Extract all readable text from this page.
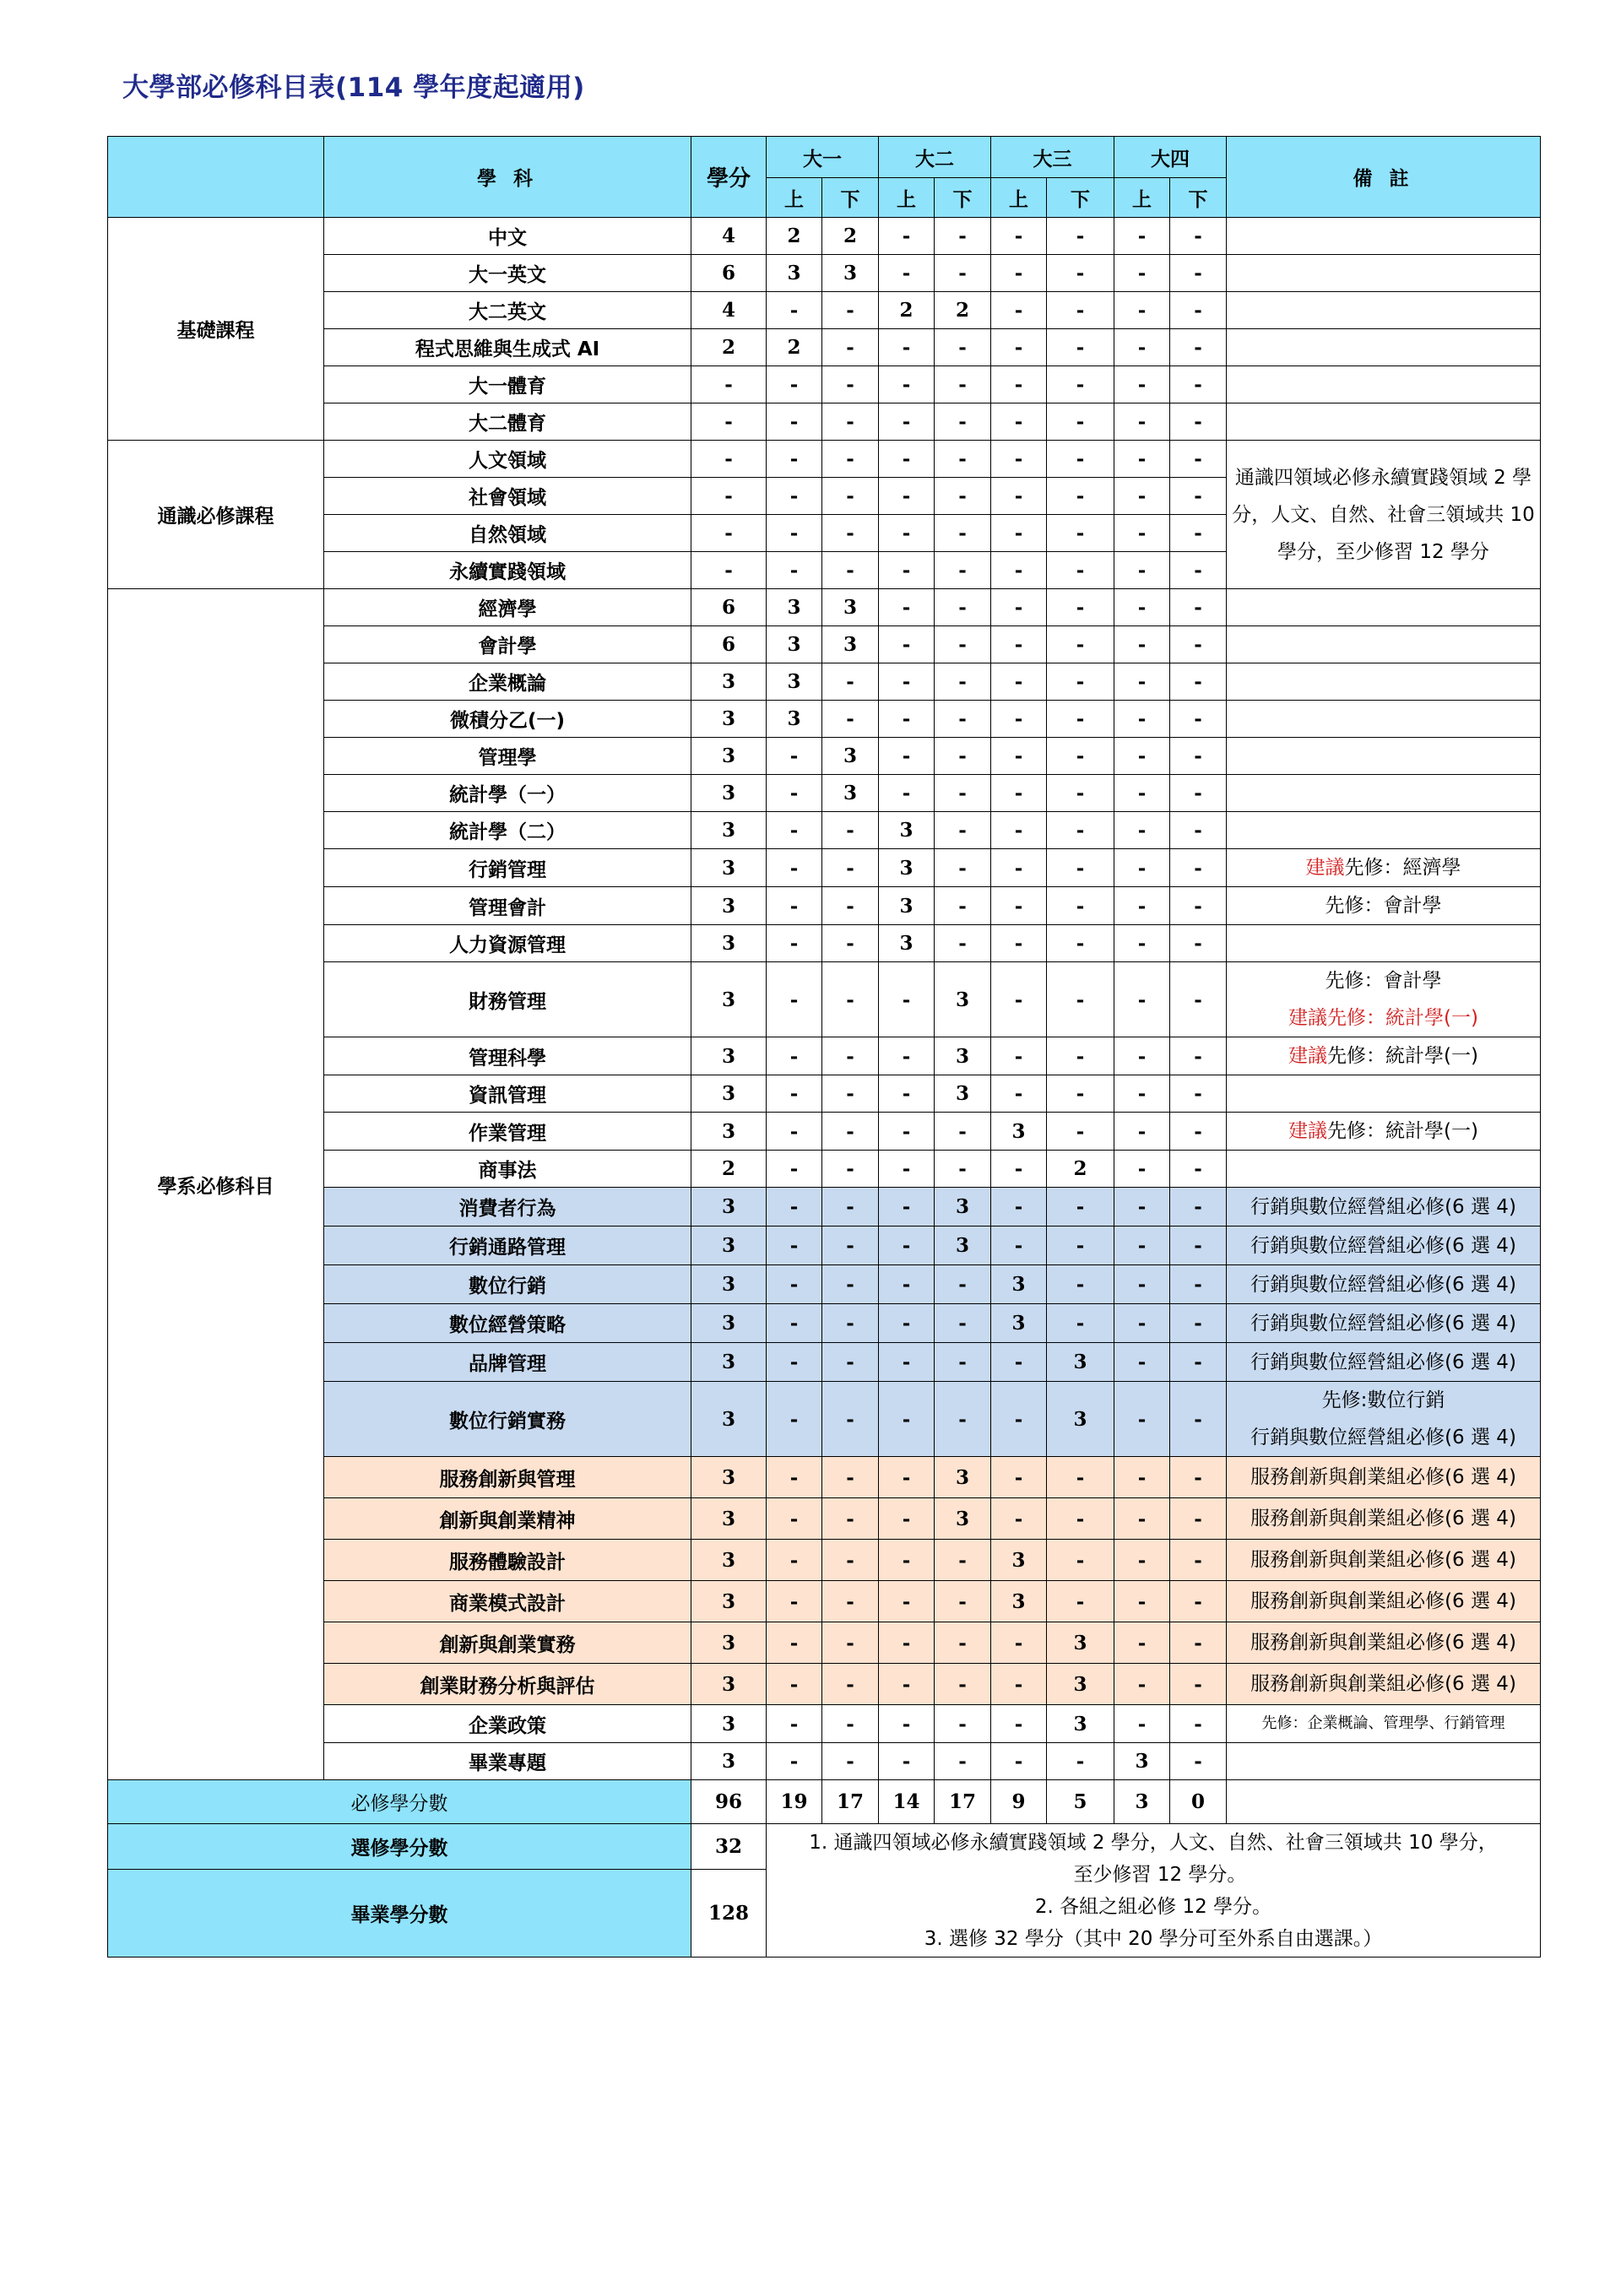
大學部必修科目表(114 學年度起適用)
	學 科	學分	大一		大二		大三		大四		備 註
			上	下	上	下	上	下	上	下	
基礎課程	中文	4	2	2	-	-	-	-	-	-	
	大一英文	6	3	3	-	-	-	-	-	-	
	大二英文	4	-	-	2	2	-	-	-	-	
	程式思維與生成式 AI	2	2	-	-	-	-	-	-	-	
	大一體育	-	-	-	-	-	-	-	-	-	
	大二體育	-	-	-	-	-	-	-	-	-	
通識必修課程	人文領域	-	-	-	-	-	-	-	-	-	通識四領域必修永續實踐領域 2 學分，人文、自然、社會三領域共 10 學分，至少修習 12 學分
	社會領域	-	-	-	-	-	-	-	-	-	
	自然領域	-	-	-	-	-	-	-	-	-	
	永續實踐領域	-	-	-	-	-	-	-	-	-	
學系必修科目	經濟學	6	3	3	-	-	-	-	-	-	
	會計學	6	3	3	-	-	-	-	-	-	
	企業概論	3	3	-	-	-	-	-	-	-	
	微積分乙(一)	3	3	-	-	-	-	-	-	-	
	管理學	3	-	3	-	-	-	-	-	-	
	統計學（一）	3	-	3	-	-	-	-	-	-	
	統計學（二）	3	-	-	3	-	-	-	-	-	
	行銷管理	3	-	-	3	-	-	-	-	-	建議先修：經濟學
	管理會計	3	-	-	3	-	-	-	-	-	先修：會計學
	人力資源管理	3	-	-	3	-	-	-	-	-	
	財務管理	3	-	-	-	3	-	-	-	-	先修：會計學
建議先修：統計學(一)
	管理科學	3	-	-	-	3	-	-	-	-	建議先修：統計學(一)
	資訊管理	3	-	-	-	3	-	-	-	-	
	作業管理	3	-	-	-	-	3	-	-	-	建議先修：統計學(一)
	商事法	2	-	-	-	-	-	2	-	-	
	消費者行為	3	-	-	-	3	-	-	-	-	行銷與數位經營組必修(6 選 4)
	行銷通路管理	3	-	-	-	3	-	-	-	-	行銷與數位經營組必修(6 選 4)
	數位行銷	3	-	-	-	-	3	-	-	-	行銷與數位經營組必修(6 選 4)
	數位經營策略	3	-	-	-	-	3	-	-	-	行銷與數位經營組必修(6 選 4)
	品牌管理	3	-	-	-	-	-	3	-	-	行銷與數位經營組必修(6 選 4)
	數位行銷實務	3	-	-	-	-	-	3	-	-	先修:數位行銷
行銷與數位經營組必修(6 選 4)
	服務創新與管理	3	-	-	-	3	-	-	-	-	服務創新與創業組必修(6 選 4)
	創新與創業精神	3	-	-	-	3	-	-	-	-	服務創新與創業組必修(6 選 4)
	服務體驗設計	3	-	-	-	-	3	-	-	-	服務創新與創業組必修(6 選 4)
	商業模式設計	3	-	-	-	-	3	-	-	-	服務創新與創業組必修(6 選 4)
	創新與創業實務	3	-	-	-	-	-	3	-	-	服務創新與創業組必修(6 選 4)
	創業財務分析與評估	3	-	-	-	-	-	3	-	-	服務創新與創業組必修(6 選 4)
	企業政策	3	-	-	-	-	-	3	-	-	先修：企業概論、管理學、行銷管理
	畢業專題	3	-	-	-	-	-	-	3	-	
必修學分數		96	19	17	14	17	9	5	3	0	
選修學分數		32	1. 通識四領域必修永續實踐領域 2 學分，人文、自然、社會三領域共 10 學分，
至少修習 12 學分。
2. 各組之組必修 12 學分。
3. 選修 32 學分（其中 20 學分可至外系自由選課。）								

畢業學分數		128									
